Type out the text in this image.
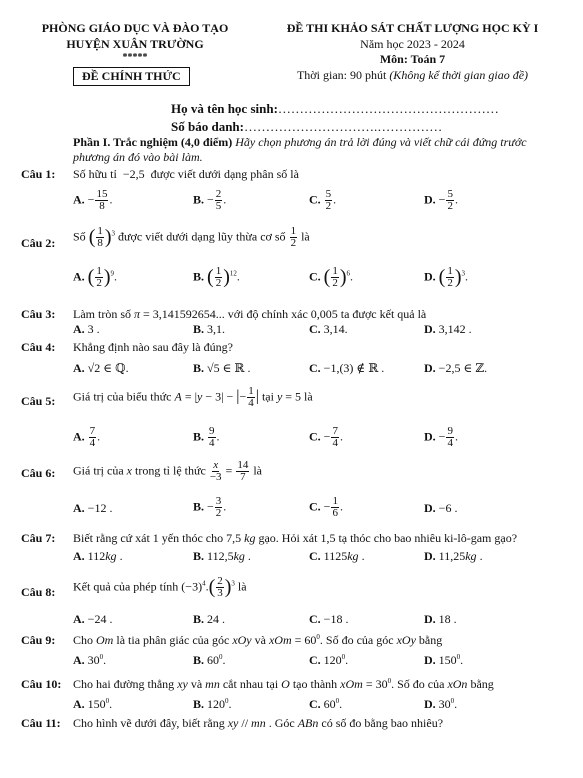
PHÒNG GIÁO DỤC VÀ ĐÀO TẠO
HUYỆN XUÂN TRƯỜNG
*****
ĐỀ CHÍNH THỨC
ĐỀ THI KHẢO SÁT CHẤT LƯỢNG HỌC KỲ I
Năm học 2023 - 2024
Môn: Toán 7
Thời gian: 90 phút (Không kể thời gian giao đề)
Họ và tên học sinh:……………………………………………
Số báo danh:………………………….……………
Phần I. Trắc nghiệm (4,0 điểm) Hãy chọn phương án trả lời đúng và viết chữ cái đứng trước
phương án đó vào bài làm.
Câu 1: Số hữu tỉ  −2,5  được viết dưới dạng phân số là
A. − $\frac{15}{8}$ .	B. − $\frac{2}{5}$ .	C. $\frac{5}{2}$ .	D. − $\frac{5}{2}$ .
Câu 2: Số ( $\frac{1}{8} )^3$ được viết dưới dạng lũy thừa cơ số $\frac{1}{2}$ là
A. ( $\frac{1}{2} )^9$.	B. ( $\frac{1}{2} )^{12}$.	C. ( $\frac{1}{2} )^6$.	D. ( $\frac{1}{2} )^3$.
Câu 3: Làm tròn số π = 3,141592654... với độ chính xác 0,005 ta được kết quả là
A. 3 .	B. 3,1.	C. 3,14.	D. 3,142 .
Câu 4: Khẳng định nào sau đây là đúng?
A. √2 ∈ ℚ.	B. √5 ∈ ℝ .	C. −1,(3) ∉ ℝ .	D. −2,5 ∈ ℤ.
Câu 5: Giá trị của biểu thức A = |y − 3| − |− $\frac{1}{4}$ | tại y = 5 là
A. $\frac{7}{4}$ .	B. $\frac{9}{4}$ .	C. − $\frac{7}{4}$ .	D. − $\frac{9}{4}$ .
Câu 6: Giá trị của x trong tỉ lệ thức $\frac{x}{-3} = \frac{14}{7}$ là
A. −12 .	B. − $\frac{3}{2}$ .	C. − $\frac{1}{6}$ .	D. −6 .
Câu 7: Biết rằng cứ xát 1 yến thóc cho 7,5 kg gạo. Hỏi xát 1,5 tạ thóc cho bao nhiêu ki-lô-gam gạo?
A. 112kg .	B. 112,5kg .	C. 1125kg .	D. 11,25kg .
Câu 8: Kết quả của phép tính $(-3)^4.( \frac{2}{3} )^3$ là
A. −24 .	B. 24 .	C. −18 .	D. 18 .
Câu 9: Cho Om là tia phân giác của góc xOy và xOm = $60^0$. Số đo của góc xOy bằng
A. $30^0$.	B. $60^0$.	C. $120^0$.	D. $150^0$.
Câu 10: Cho hai đường thẳng xy và mn cắt nhau tại O tạo thành xOm = $30^0$. Số đo của xOn bằng
A. $150^0$.	B. $120^0$.	C. $60^0$.	D. $30^0$.
Câu 11: Cho hình vẽ dưới đây, biết rằng xy // mn . Góc ABn có số đo bằng bao nhiêu?
